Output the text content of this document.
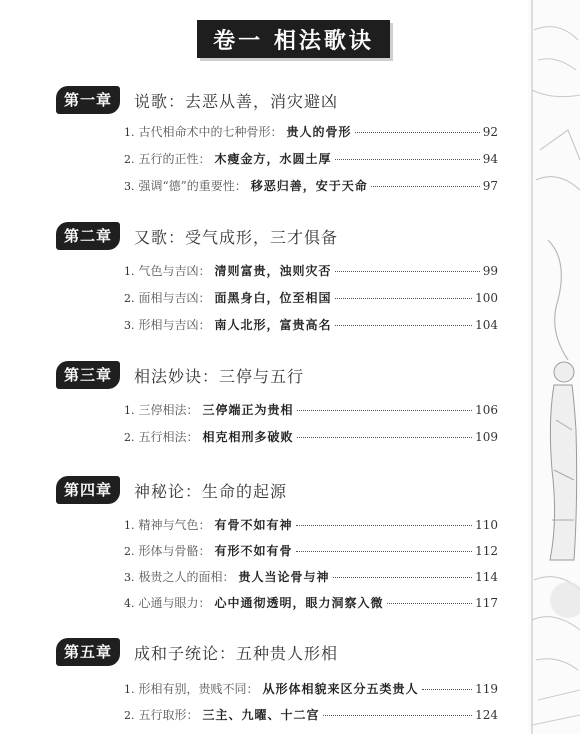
卷一 相法歌诀
第一章	说歌：去恶从善，消灾避凶
1. 古代相命术中的七种骨形： 贵人的骨形	92
2. 五行的正性： 木瘦金方，水圆土厚	94
3. 强调“德”的重要性： 移恶归善，安于天命	97
第二章	又歌：受气成形，三才俱备
1. 气色与吉凶： 清则富贵，浊则灾否	99
2. 面相与吉凶： 面黑身白，位至相国	100
3. 形相与吉凶： 南人北形，富贵高名	104
第三章	相法妙诀：三停与五行
1. 三停相法： 三停端正为贵相	106
2. 五行相法： 相克相刑多破败	109
第四章	神秘论：生命的起源
1. 精神与气色： 有骨不如有神	110
2. 形体与骨骼： 有形不如有骨	112
3. 极贵之人的面相： 贵人当论骨与神	114
4. 心通与眼力： 心中通彻透明，眼力洞察入微	117
第五章	成和子统论：五种贵人形相
1. 形相有别，贵贱不同： 从形体相貌来区分五类贵人	119
2. 五行取形： 三主、九曜、十二宫	124
